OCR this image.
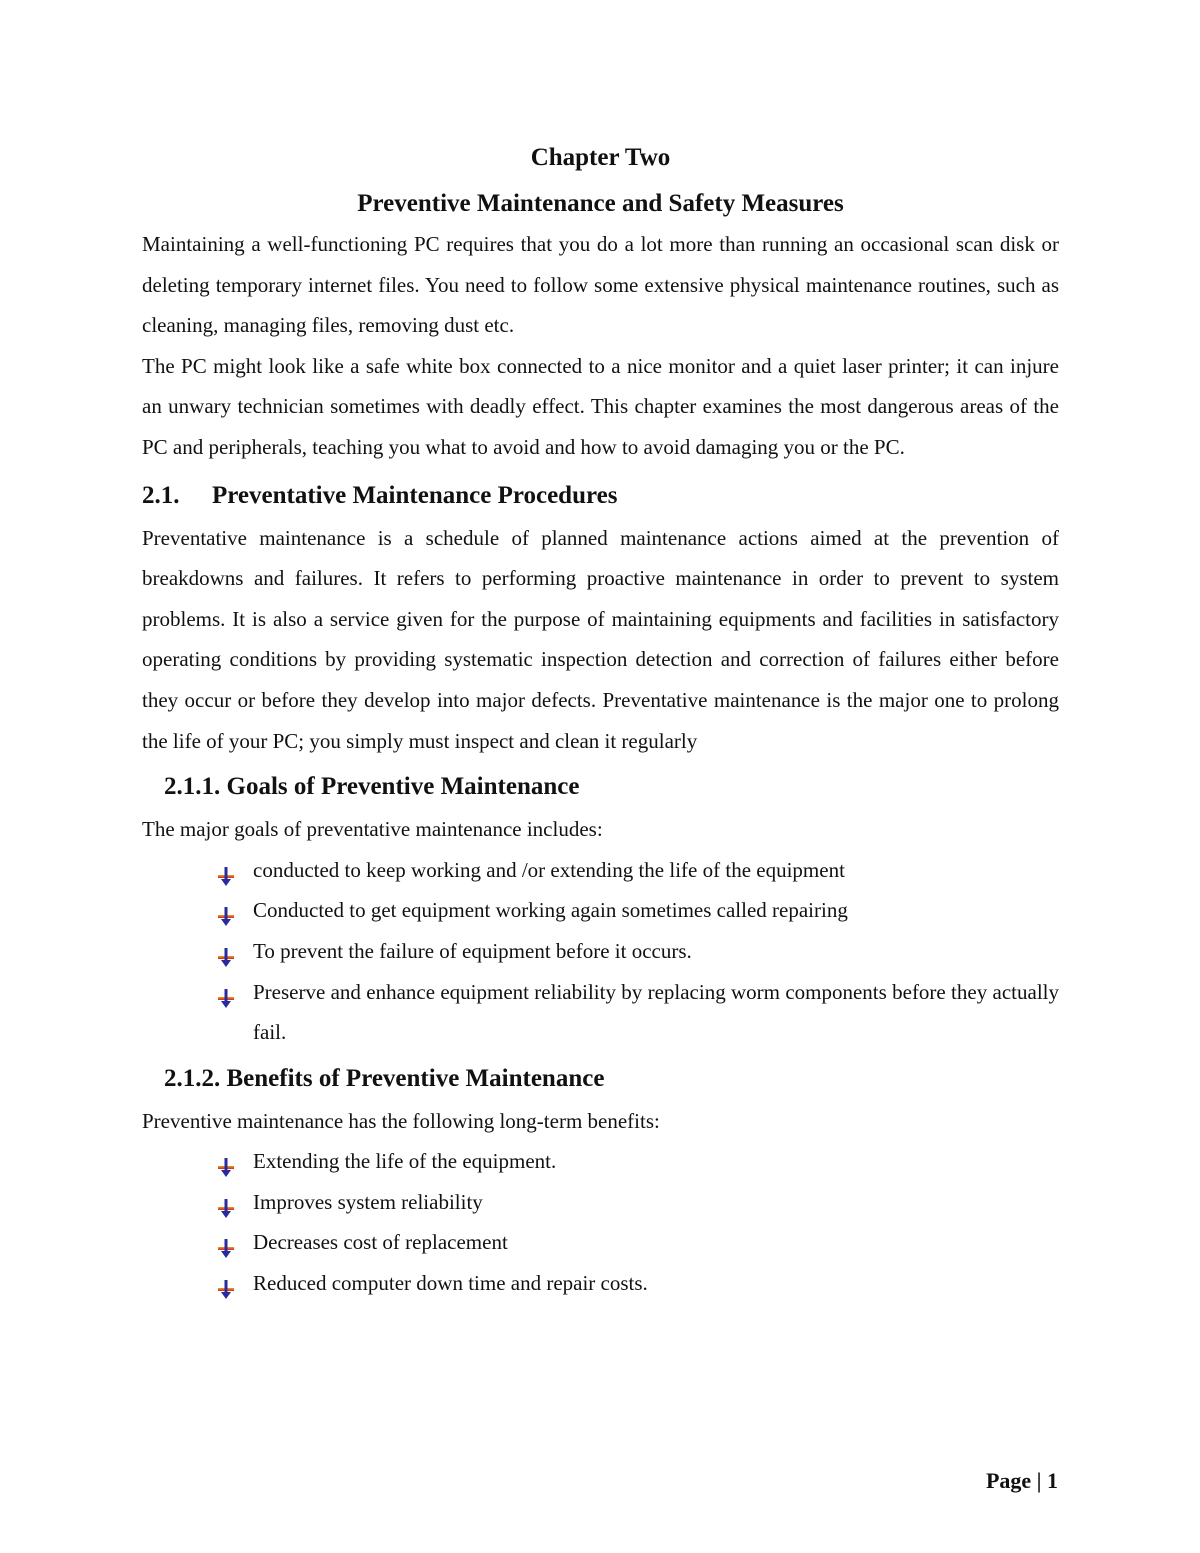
Chapter Two
Preventive Maintenance and Safety Measures

Maintaining a well-functioning PC requires that you do a lot more than running an occasional scan disk or deleting temporary internet files. You need to follow some extensive physical maintenance routines, such as cleaning, managing files, removing dust etc.

The PC might look like a safe white box connected to a nice monitor and a quiet laser printer; it can injure an unwary technician sometimes with deadly effect. This chapter examines the most dangerous areas of the PC and peripherals, teaching you what to avoid and how to avoid damaging you or the PC.

2.1.	Preventative Maintenance Procedures

Preventative maintenance is a schedule of planned maintenance actions aimed at the prevention of breakdowns and failures. It refers to performing proactive maintenance in order to prevent to system problems. It is also a service given for the purpose of maintaining equipments and facilities in satisfactory operating conditions by providing systematic inspection detection and correction of failures either before they occur or before they develop into major defects. Preventative maintenance is the major one to prolong the life of your PC; you simply must inspect and clean it regularly

2.1.1. Goals of Preventive Maintenance

The major goals of preventative maintenance includes:

conducted to keep working and /or extending the life of the equipment
Conducted to get equipment working again sometimes called repairing
To prevent the failure of equipment before it occurs.
Preserve and enhance equipment reliability by replacing worm components before they actually fail.
2.1.2. Benefits of Preventive Maintenance

Preventive maintenance has the following long-term benefits:

Extending the life of the equipment.
Improves system reliability
Decreases cost of replacement
Reduced computer down time and repair costs.
Page | 1
